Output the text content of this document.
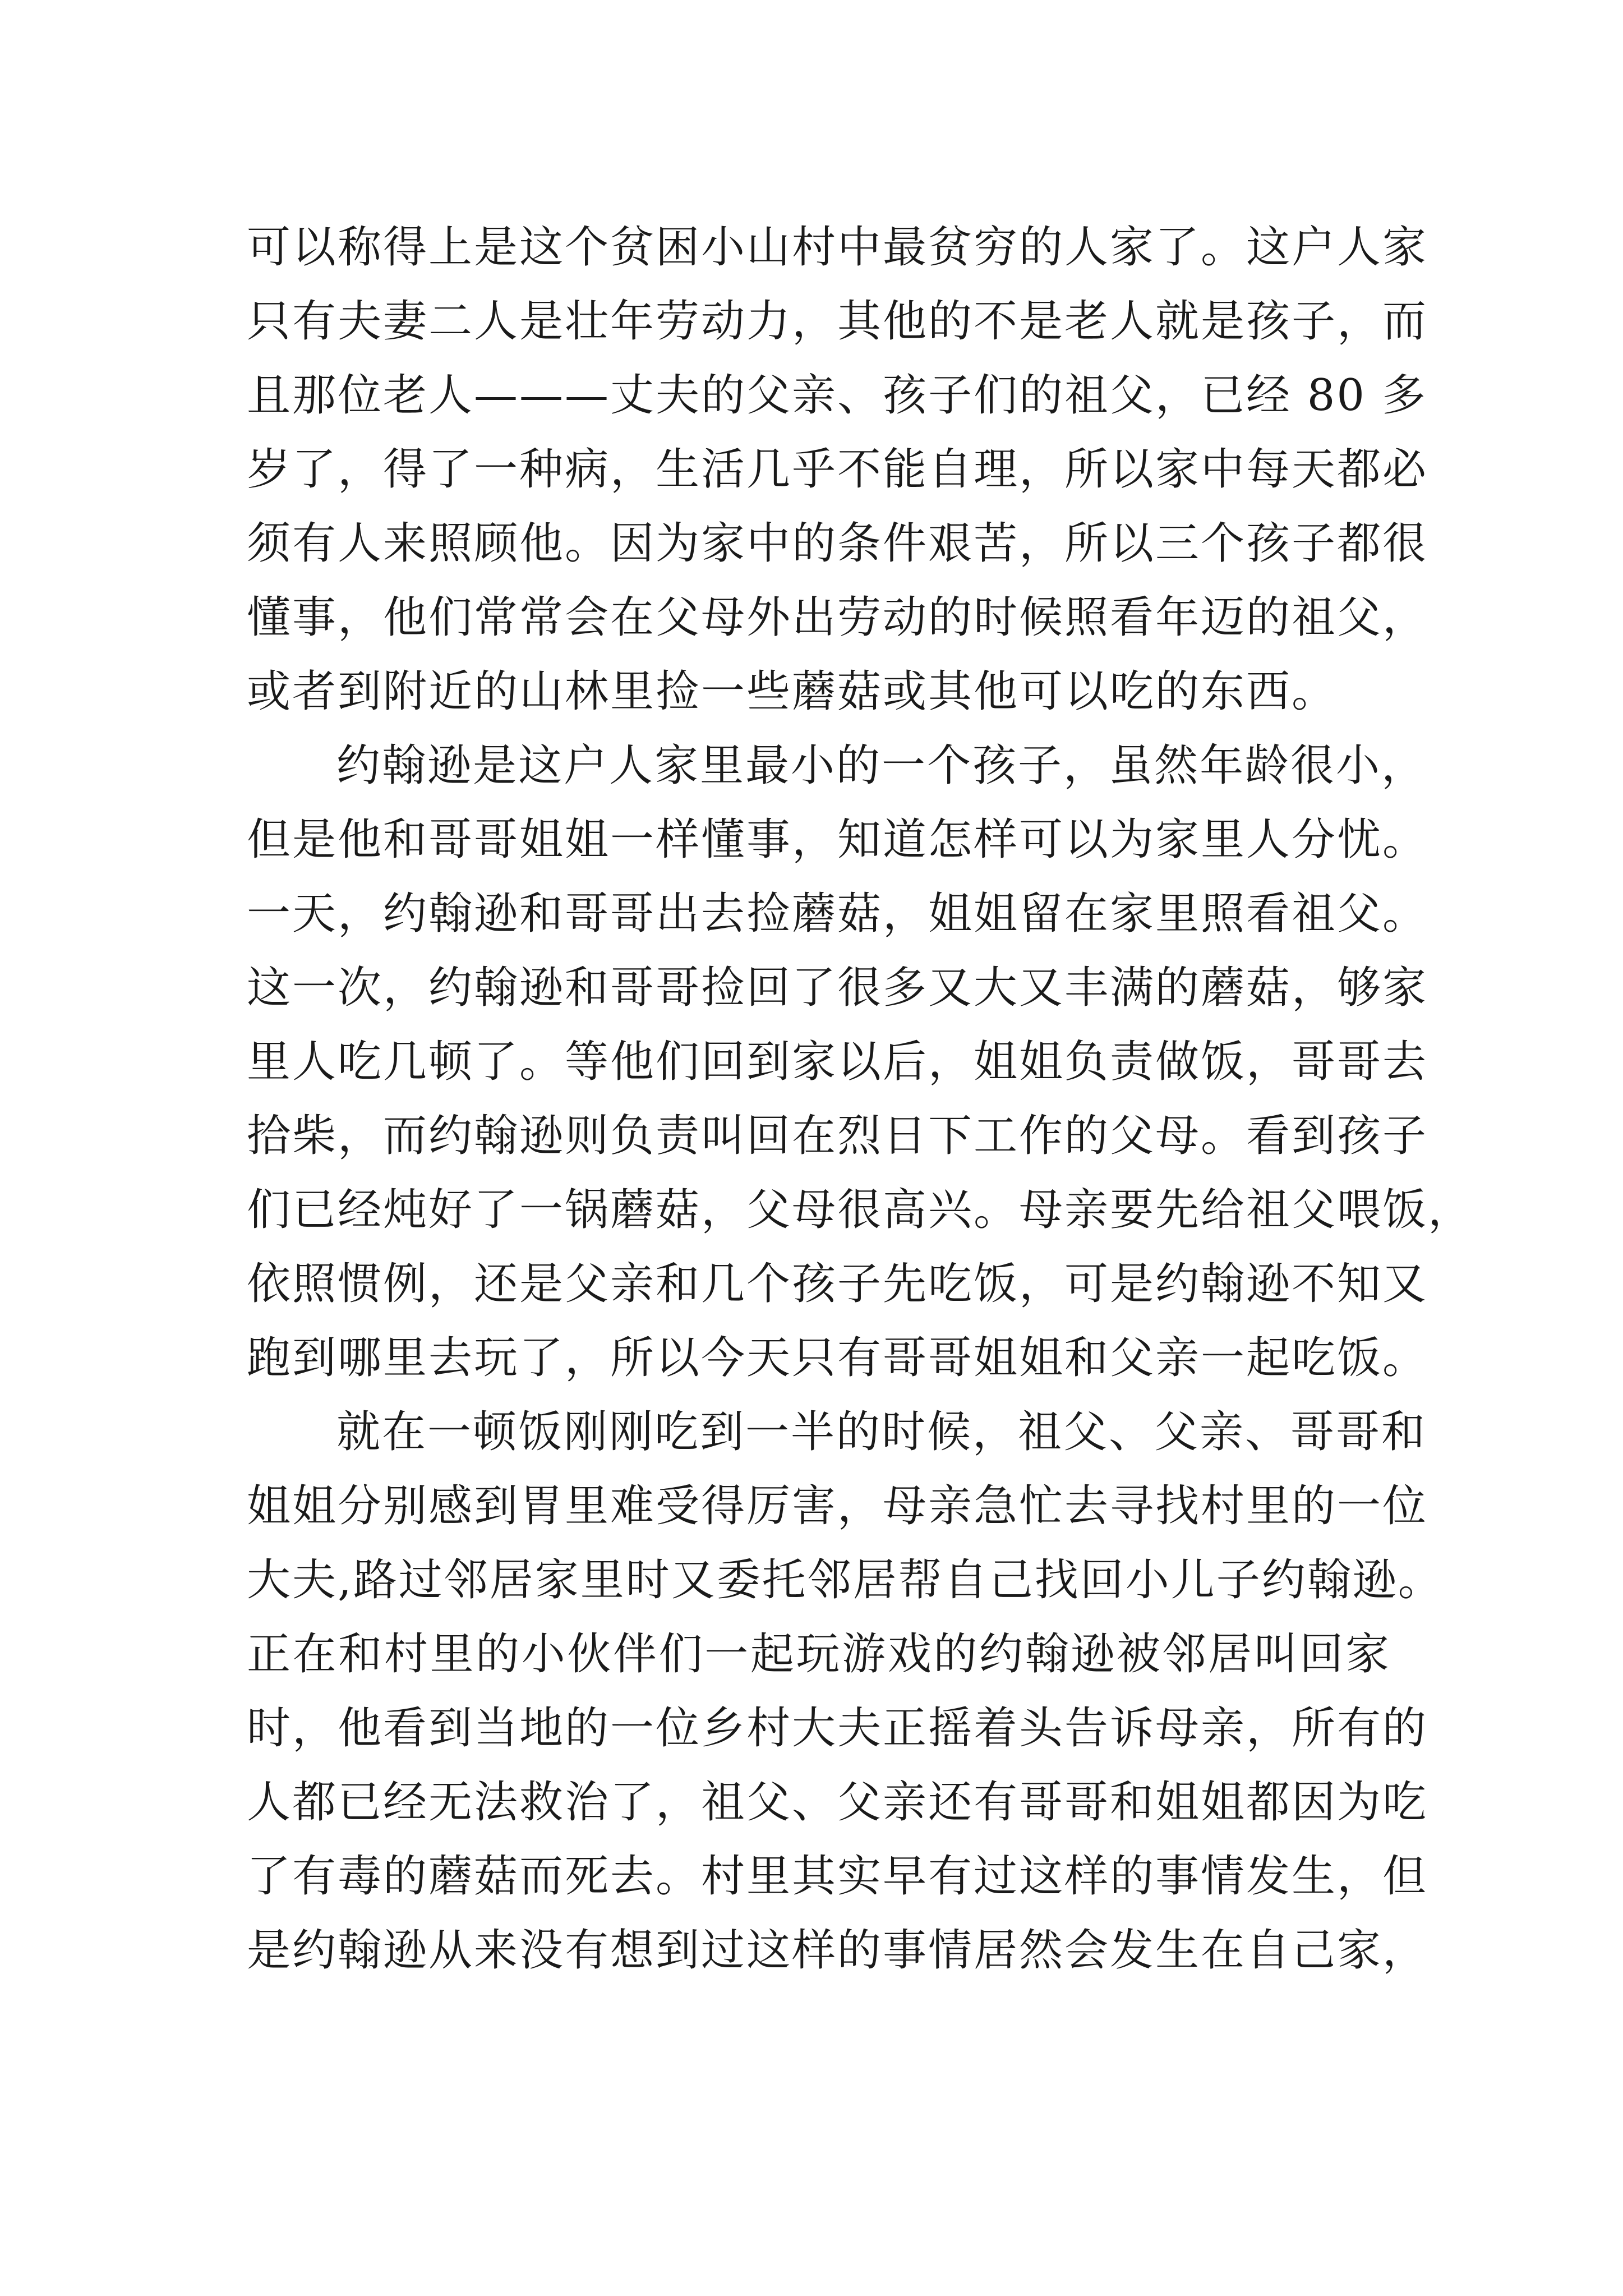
可以称得上是这个贫困小山村中最贫穷的人家了。这户人家
只有夫妻二人是壮年劳动力，其他的不是老人就是孩子，而
且那位老人———丈夫的父亲、孩子们的祖父，已经 80 多
岁了，得了一种病，生活几乎不能自理，所以家中每天都必
须有人来照顾他。因为家中的条件艰苦，所以三个孩子都很
懂事，他们常常会在父母外出劳动的时候照看年迈的祖父，
或者到附近的山林里捡一些蘑菇或其他可以吃的东西。
约翰逊是这户人家里最小的一个孩子，虽然年龄很小，
但是他和哥哥姐姐一样懂事，知道怎样可以为家里人分忧。
一天，约翰逊和哥哥出去捡蘑菇，姐姐留在家里照看祖父。
这一次，约翰逊和哥哥捡回了很多又大又丰满的蘑菇，够家
里人吃几顿了。等他们回到家以后，姐姐负责做饭，哥哥去
拾柴，而约翰逊则负责叫回在烈日下工作的父母。看到孩子
们已经炖好了一锅蘑菇，父母很高兴。母亲要先给祖父喂饭，
依照惯例，还是父亲和几个孩子先吃饭，可是约翰逊不知又
跑到哪里去玩了，所以今天只有哥哥姐姐和父亲一起吃饭。
就在一顿饭刚刚吃到一半的时候，祖父、父亲、哥哥和
姐姐分别感到胃里难受得厉害，母亲急忙去寻找村里的一位
大夫,路过邻居家里时又委托邻居帮自己找回小儿子约翰逊。
正在和村里的小伙伴们一起玩游戏的约翰逊被邻居叫回家
时，他看到当地的一位乡村大夫正摇着头告诉母亲，所有的
人都已经无法救治了，祖父、父亲还有哥哥和姐姐都因为吃
了有毒的蘑菇而死去。村里其实早有过这样的事情发生，但
是约翰逊从来没有想到过这样的事情居然会发生在自己家，
